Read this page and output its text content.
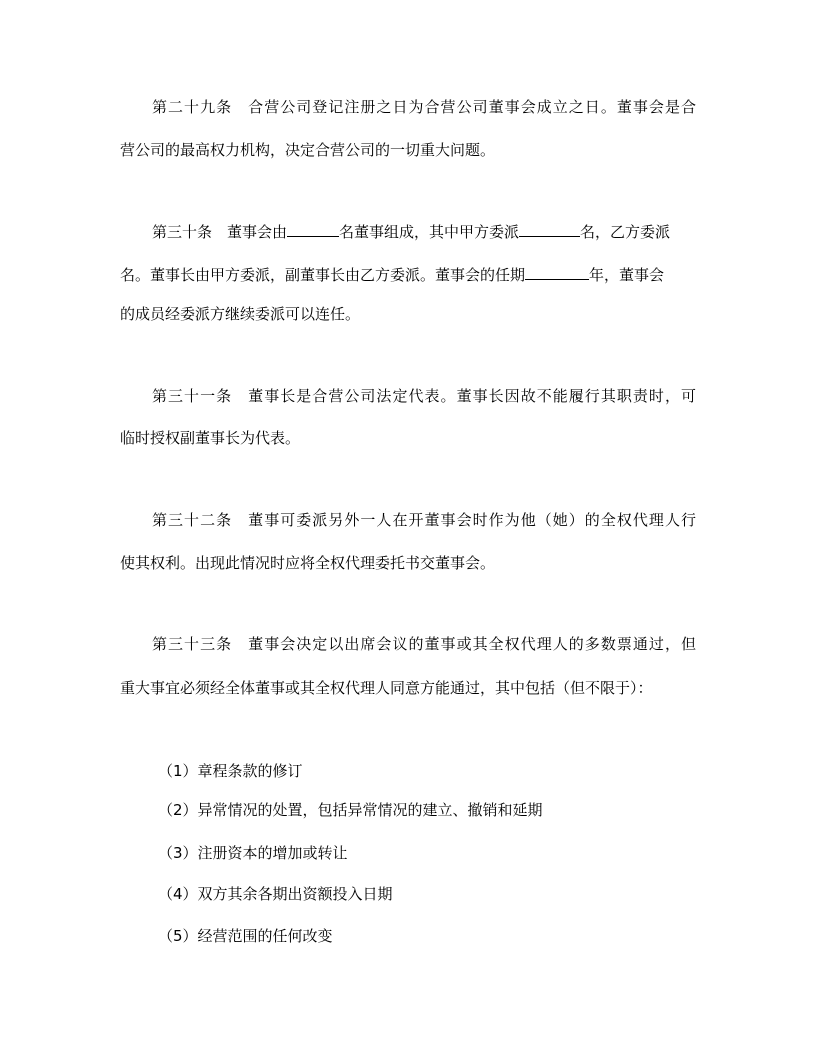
第二十九条　合营公司登记注册之日为合营公司董事会成立之日。董事会是合
营公司的最高权力机构，决定合营公司的一切重大问题。
第三十条　董事会由	名董事组成，其中甲方委派	名，乙方委派
名。董事长由甲方委派，副董事长由乙方委派。董事会的任期	年，董事会
的成员经委派方继续委派可以连任。
第三十一条　董事长是合营公司法定代表。董事长因故不能履行其职责时，可
临时授权副董事长为代表。
第三十二条　董事可委派另外一人在开董事会时作为他（她）的全权代理人行
使其权利。出现此情况时应将全权代理委托书交董事会。
第三十三条　董事会决定以出席会议的董事或其全权代理人的多数票通过，但
重大事宜必须经全体董事或其全权代理人同意方能通过，其中包括（但不限于）：
（1）章程条款的修订
（2）异常情况的处置，包括异常情况的建立、撤销和延期
（3）注册资本的增加或转让
（4）双方其余各期出资额投入日期
（5）经营范围的任何改变
